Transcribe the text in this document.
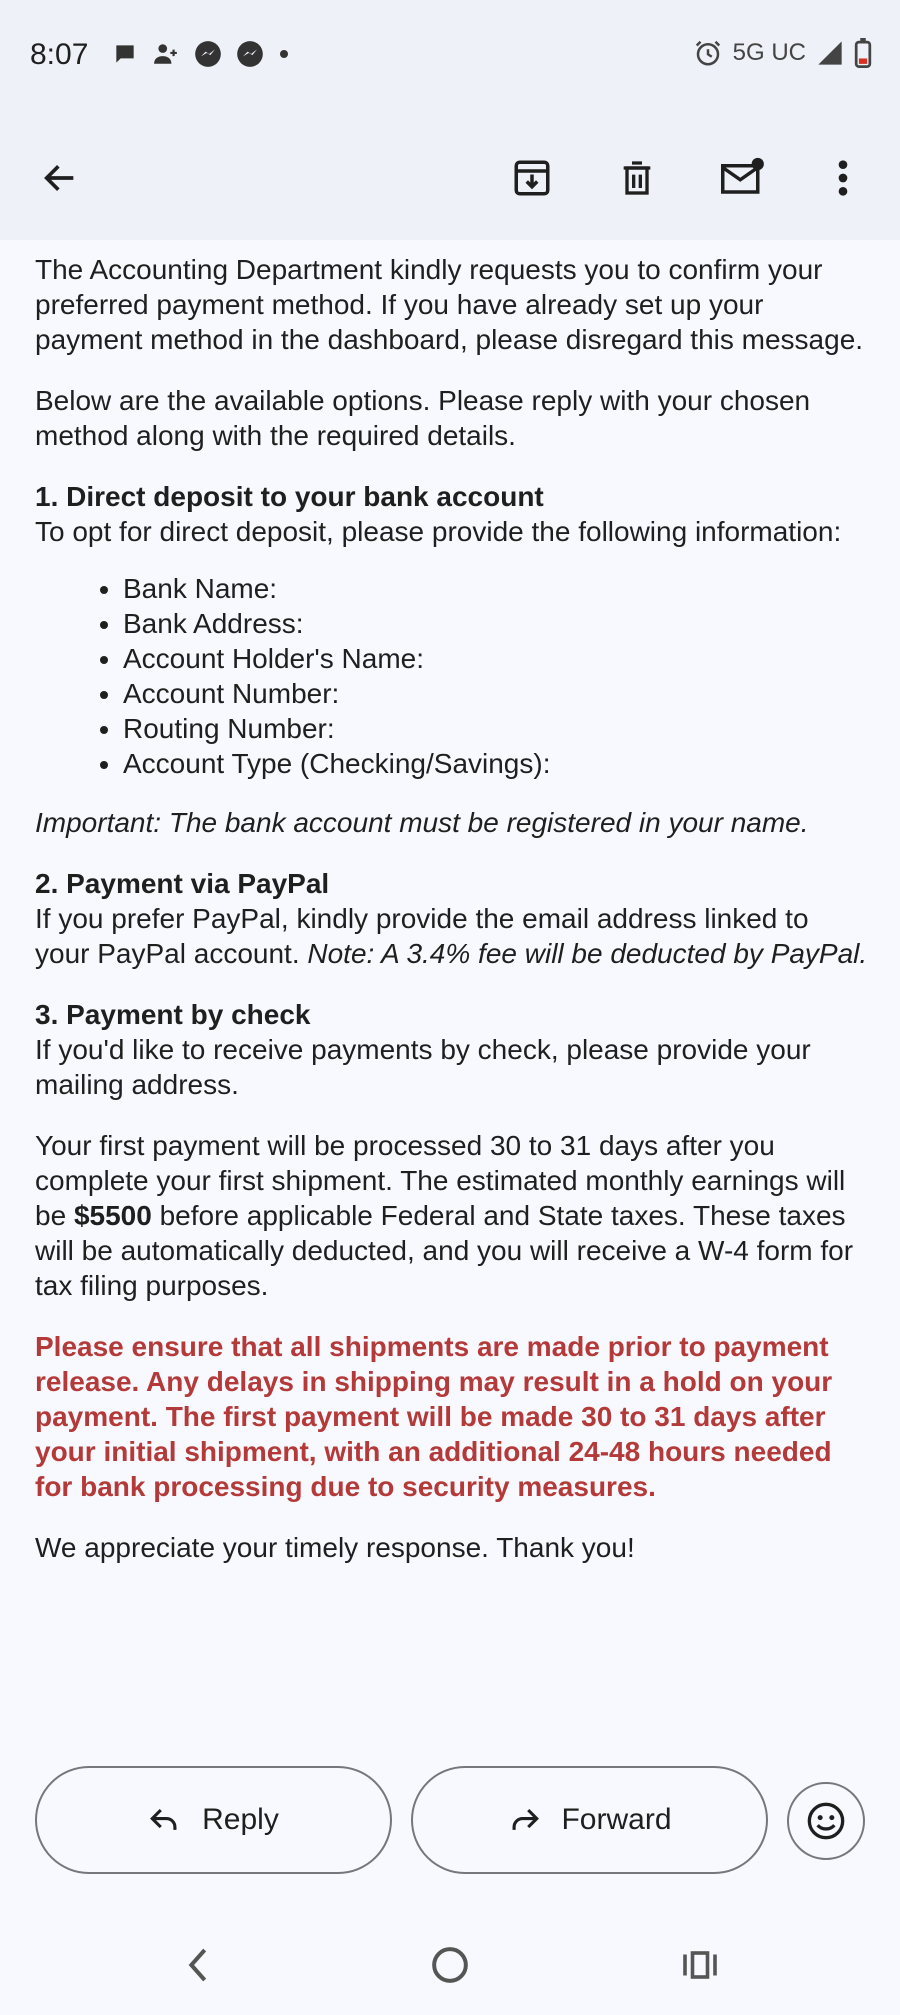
8:07	5G UC

The Accounting Department kindly requests you to confirm your preferred payment method. If you have already set up your payment method in the dashboard, please disregard this message.

Below are the available options. Please reply with your chosen method along with the required details.

1. Direct deposit to your bank account
To opt for direct deposit, please provide the following information:
• Bank Name:
• Bank Address:
• Account Holder's Name:
• Account Number:
• Routing Number:
• Account Type (Checking/Savings):

Important: The bank account must be registered in your name.

2. Payment via PayPal
If you prefer PayPal, kindly provide the email address linked to your PayPal account. Note: A 3.4% fee will be deducted by PayPal.

3. Payment by check
If you'd like to receive payments by check, please provide your mailing address.

Your first payment will be processed 30 to 31 days after you complete your first shipment. The estimated monthly earnings will be $5500 before applicable Federal and State taxes. These taxes will be automatically deducted, and you will receive a W-4 form for tax filing purposes.

Please ensure that all shipments are made prior to payment release. Any delays in shipping may result in a hold on your payment. The first payment will be made 30 to 31 days after your initial shipment, with an additional 24-48 hours needed for bank processing due to security measures.

We appreciate your timely response. Thank you!

Reply	Forward
